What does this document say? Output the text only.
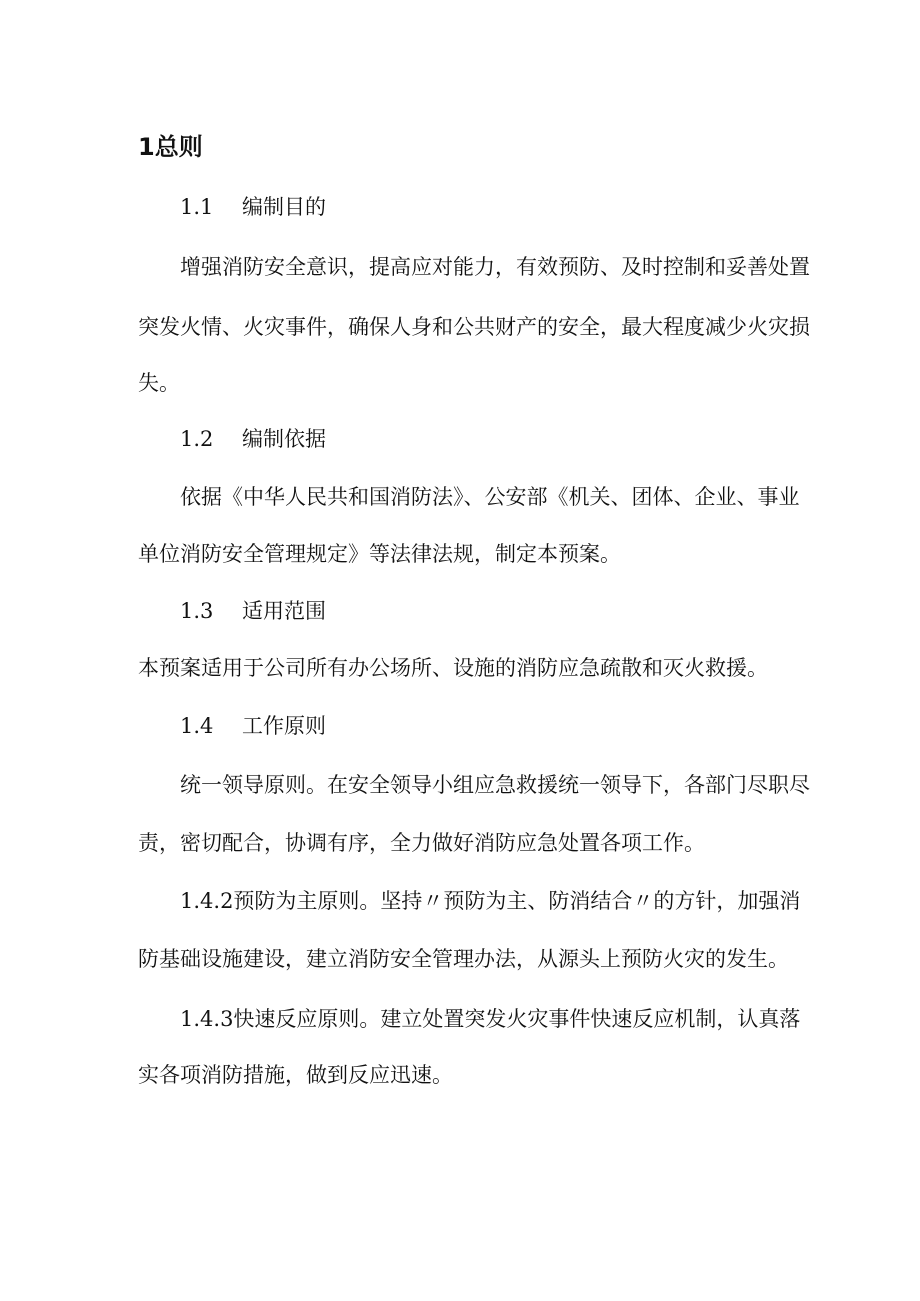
1总则
1.1 编制目的
增强消防安全意识，提高应对能力，有效预防、及时控制和妥善处置
突发火情、火灾事件，确保人身和公共财产的安全，最大程度减少火灾损
失。
1.2 编制依据
依据《中华人民共和国消防法》、公安部《机关、团体、企业、事业
单位消防安全管理规定》等法律法规，制定本预案。
1.3 适用范围
本预案适用于公司所有办公场所、设施的消防应急疏散和灭火救援。
1.4 工作原则
统一领导原则。在安全领导小组应急救援统一领导下，各部门尽职尽
责，密切配合，协调有序，全力做好消防应急处置各项工作。
1.4.2预防为主原则。坚持〃预防为主、防消结合〃的方针，加强消
防基础设施建设，建立消防安全管理办法，从源头上预防火灾的发生。
1.4.3快速反应原则。建立处置突发火灾事件快速反应机制，认真落
实各项消防措施，做到反应迅速。
